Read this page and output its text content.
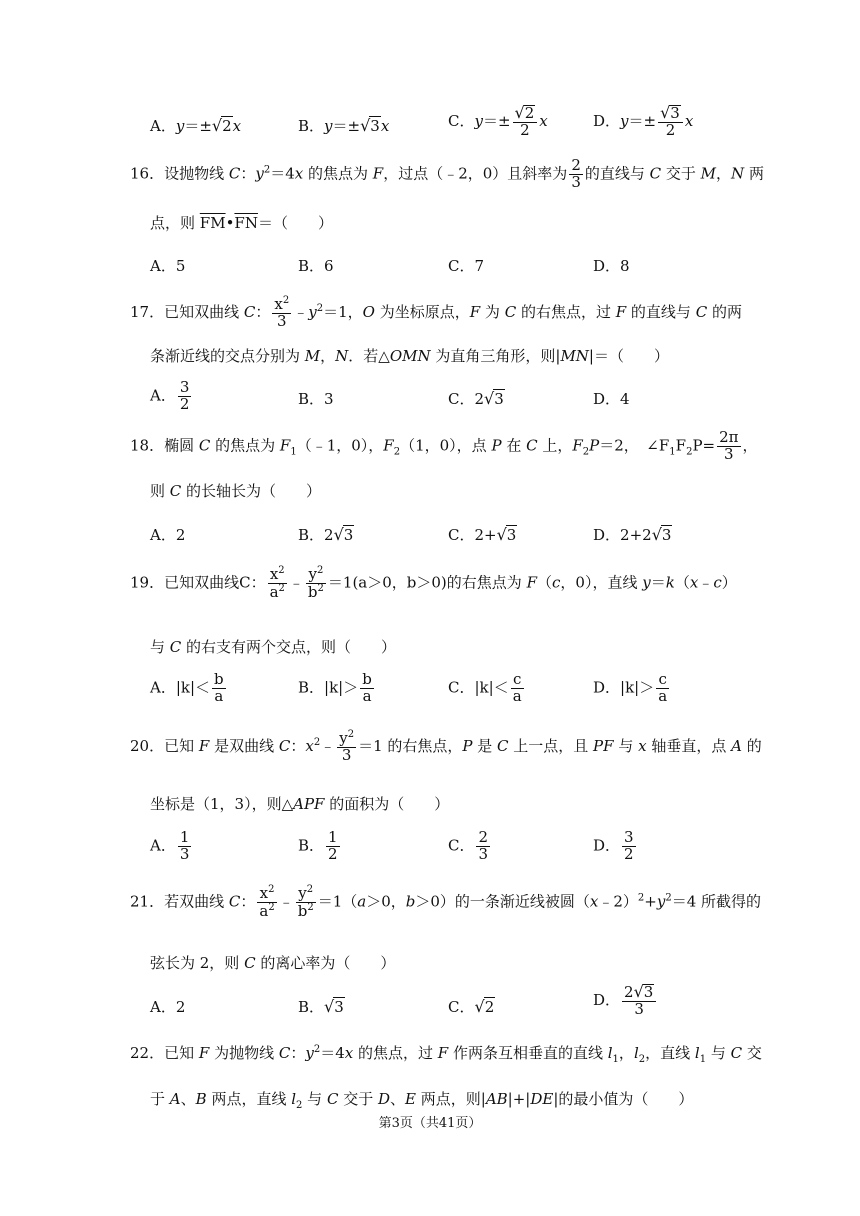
A．y＝±√2x	B．y＝±√3x	C．$y=\pm \frac{√2}{2}$ x	D．$y=\pm \frac{√3}{2}$ x
16．设抛物线 C：$y^2=4x$ 的焦点为 F，过点（﹣2，0）且斜率为 $\frac{2}{3}$ 的直线与 C 交于 M，N 两
点，则 $\overline{FM}•\overline{FN}=$（　　）
A．5	B．6	C．7	D．8
17．已知双曲线 C： $\frac{x^2}{3}$ $﹣y^2=1$，O 为坐标原点，F 为 C 的右焦点，过 F 的直线与 C 的两
条渐近线的交点分别为 M，N．若△OMN 为直角三角形，则|MN|＝（　　）
A． $\frac{3}{2}$	B．3	C．2√3	D．4
18．椭圆 C 的焦点为 $F_1(﹣1$，0），$F_2(1$，0），点 P 在 C 上，$F_2P=2$，　$\angle F_1F_2P= \frac{2\pi}{3}$ ，
则 C 的长轴长为（　　）
A．2	B．2√3	C．2+√3	D．2+2√3
19．已知双曲线C： $\frac{x^2}{a^2}$ ﹣ $\frac{y^2}{b^2} =1(a>0$，b＞0)的右焦点为 F（c，0），直线 y＝k（x﹣c）
与 C 的右支有两个交点，则（　　）
A．$|k|< \frac{b}{a}$	B．$|k|> \frac{b}{a}$	C．$|k|< \frac{c}{a}$	D．$|k|> \frac{c}{a}$
20．已知 F 是双曲线 C：$x^2﹣ \frac{y^2}{3} =1$ 的右焦点，P 是 C 上一点，且 PF 与 x 轴垂直，点 A 的
坐标是（1，3），则△APF 的面积为（　　）
A． $\frac{1}{3}$	B． $\frac{1}{2}$	C． $\frac{2}{3}$	D． $\frac{3}{2}$
21．若双曲线 C： $\frac{x^2}{a^2}$ ﹣ $\frac{y^2}{b^2} =1(a>0$，b＞0）的一条渐近线被圆$(x﹣2)^2+y^2=4$ 所截得的
弦长为 2，则 C 的离心率为（　　）
A．2	B．√3	C．√2	D． $\frac{2√3}{3}$
22．已知 F 为抛物线 C：$y^2=4x$ 的焦点，过 F 作两条互相垂直的直线 $l_1$，$l_2$，直线 $l_1$ 与 C 交
于 A、B 两点，直线 $l_2$ 与 C 交于 D、E 两点，则|AB|+|DE|的最小值为（　　）
第3页（共41页）
